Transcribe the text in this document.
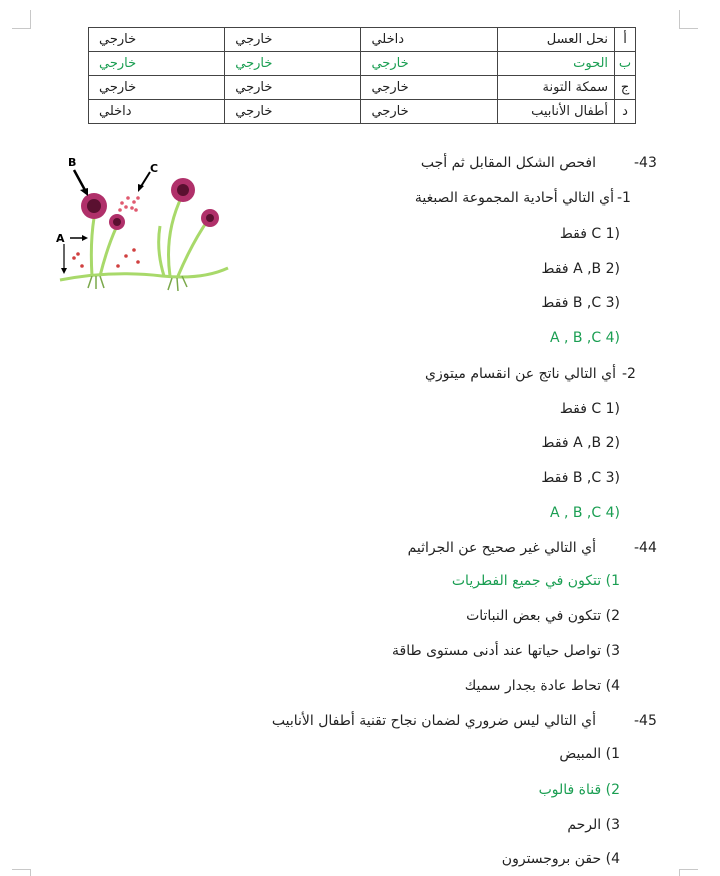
أ	نحل العسل	داخلي	خارجي	خارجي
ب	الحوت	خارجي	خارجي	خارجي
ج	سمكة التونة	خارجي	خارجي	خارجي
د	أطفال الأنابيب	خارجي	خارجي	داخلي
-43
افحص الشكل المقابل ثم أجب
B	C
A
-1
أي التالي أحادية المجموعة الصبغية
(1 C فقط
(2 A ,B فقط
(3 B ,C فقط
(4 A , B ,C
-2
أي التالي ناتج عن انقسام ميتوزي
(1 C فقط
(2 A ,B فقط
(3 B ,C فقط
(4 A , B ,C
-44
أي التالي غير صحيح عن الجراثيم
1) تتكون في جميع الفطريات
2) تتكون في بعض النباتات
3) تواصل حياتها عند أدنى مستوى طاقة
4) تحاط عادة بجدار سميك
-45
أي التالي ليس ضروري لضمان نجاح تقنية أطفال الأنابيب
1) المبيض
2) قناة فالوب
3) الرحم
4) حقن بروجسترون
